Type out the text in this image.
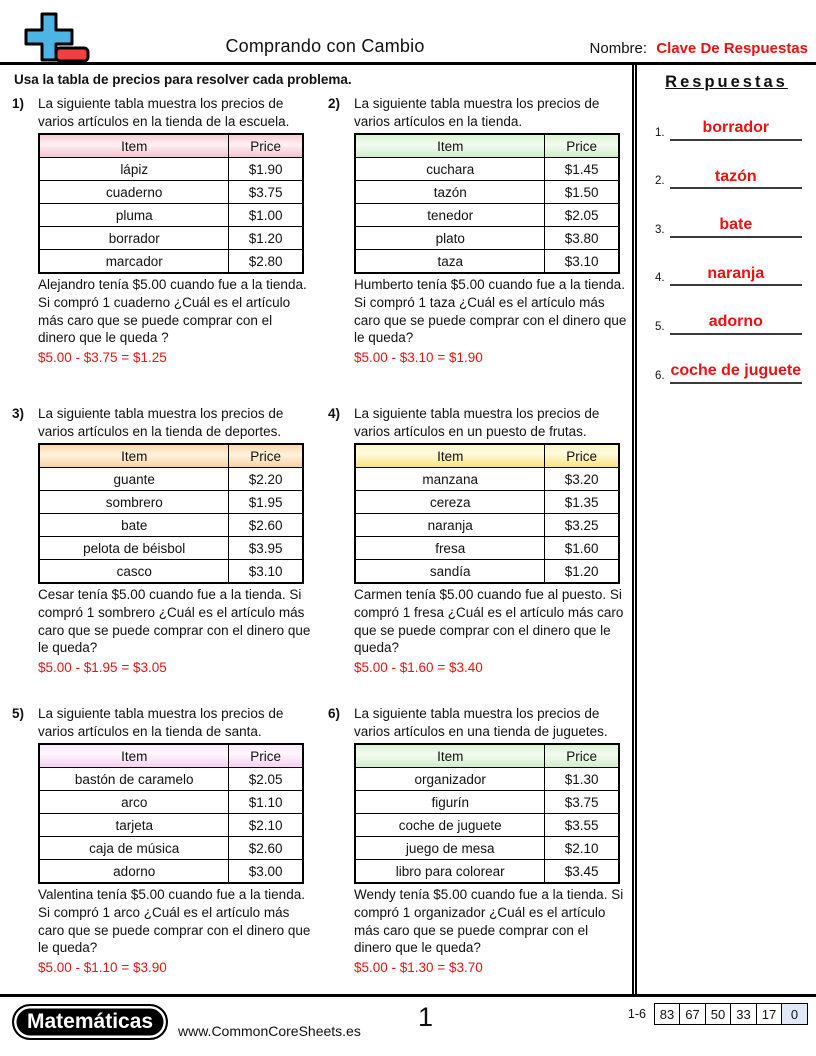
Comprando con Cambio	Nombre: Clave De Respuestas
Usa la tabla de precios para resolver cada problema.
1)	La siguiente tabla muestra los precios de varios artículos en la tienda de la escuela.
Item	Price
lápiz	$1.90
cuaderno	$3.75
pluma	$1.00
borrador	$1.20
marcador	$2.80
Alejandro tenía $5.00 cuando fue a la tienda. Si compró 1 cuaderno ¿Cuál es el artículo más caro que se puede comprar con el dinero que le queda ?
$5.00 - $3.75 = $1.25
2)	La siguiente tabla muestra los precios de varios artículos en la tienda.
Item	Price
cuchara	$1.45
tazón	$1.50
tenedor	$2.05
plato	$3.80
taza	$3.10
Humberto tenía $5.00 cuando fue a la tienda. Si compró 1 taza ¿Cuál es el artículo más caro que se puede comprar con el dinero que le queda?
$5.00 - $3.10 = $1.90
3)	La siguiente tabla muestra los precios de varios artículos en la tienda de deportes.
Item	Price
guante	$2.20
sombrero	$1.95
bate	$2.60
pelota de béisbol	$3.95
casco	$3.10
Cesar tenía $5.00 cuando fue a la tienda. Si compró 1 sombrero ¿Cuál es el artículo más caro que se puede comprar con el dinero que le queda?
$5.00 - $1.95 = $3.05
4)	La siguiente tabla muestra los precios de varios artículos en un puesto de frutas.
Item	Price
manzana	$3.20
cereza	$1.35
naranja	$3.25
fresa	$1.60
sandía	$1.20
Carmen tenía $5.00 cuando fue al puesto. Si compró 1 fresa ¿Cuál es el artículo más caro que se puede comprar con el dinero que le queda?
$5.00 - $1.60 = $3.40
5)	La siguiente tabla muestra los precios de varios artículos en la tienda de santa.
Item	Price
bastón de caramelo	$2.05
arco	$1.10
tarjeta	$2.10
caja de música	$2.60
adorno	$3.00
Valentina tenía $5.00 cuando fue a la tienda. Si compró 1 arco ¿Cuál es el artículo más caro que se puede comprar con el dinero que le queda?
$5.00 - $1.10 = $3.90
6)	La siguiente tabla muestra los precios de varios artículos en una tienda de juguetes.
Item	Price
organizador	$1.30
figurín	$3.75
coche de juguete	$3.55
juego de mesa	$2.10
libro para colorear	$3.45
Wendy tenía $5.00 cuando fue a la tienda. Si compró 1 organizador ¿Cuál es el artículo más caro que se puede comprar con el dinero que le queda?
$5.00 - $1.30 = $3.70
Respuestas
1.	borrador
2.	tazón
3.	bate
4.	naranja
5.	adorno
6. coche de juguete
Matemáticas	www.CommonCoreSheets.es 1	1-6	83 67 50 33 17	0
